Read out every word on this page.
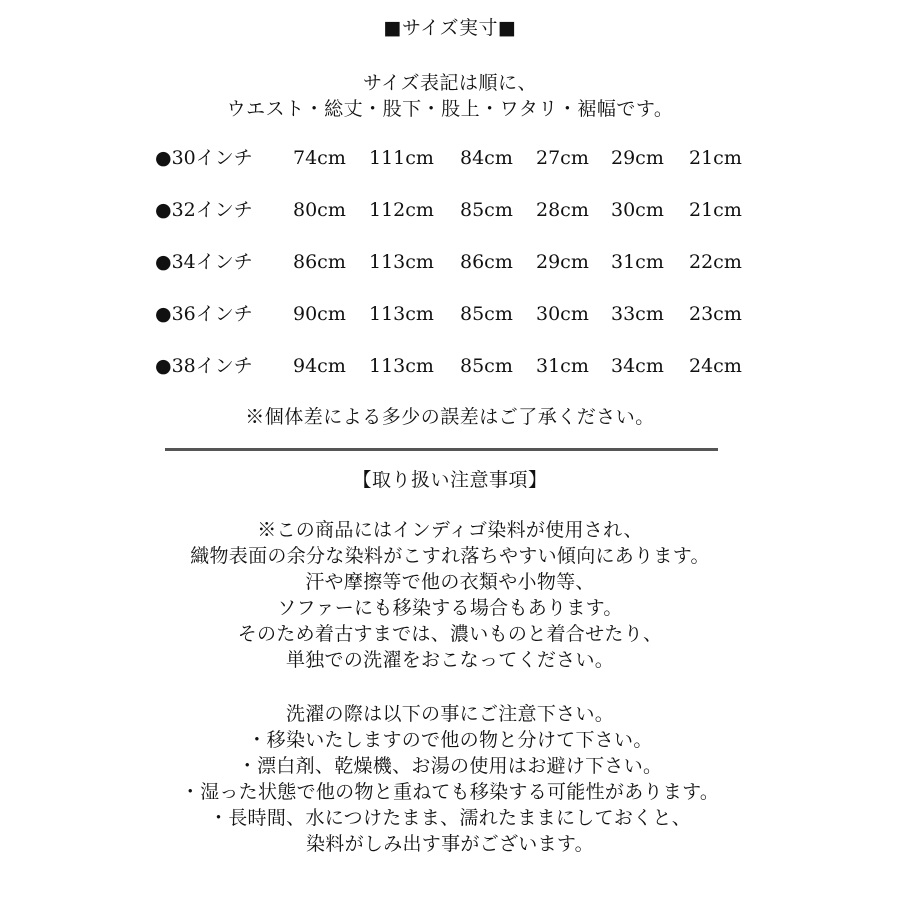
■サイズ実寸■
サイズ表記は順に、
ウエスト・総丈・股下・股上・ワタリ・裾幅です。
●30インチ 74cm 111cm 84cm 27cm 29cm 21cm
●32インチ 80cm 112cm 85cm 28cm 30cm 21cm
●34インチ 86cm 113cm 86cm 29cm 31cm 22cm
●36インチ 90cm 113cm 85cm 30cm 33cm 23cm
●38インチ 94cm 113cm 85cm 31cm 34cm 24cm
※個体差による多少の誤差はご了承ください。
【取り扱い注意事項】
※この商品にはインディゴ染料が使用され、
織物表面の余分な染料がこすれ落ちやすい傾向にあります。
汗や摩擦等で他の衣類や小物等、
ソファーにも移染する場合もあります。
そのため着古すまでは、濃いものと着合せたり、
単独での洗濯をおこなってください。
洗濯の際は以下の事にご注意下さい。
・移染いたしますので他の物と分けて下さい。
・漂白剤、乾燥機、お湯の使用はお避け下さい。
・湿った状態で他の物と重ねても移染する可能性があります。
・長時間、水につけたまま、濡れたままにしておくと、
染料がしみ出す事がございます。
